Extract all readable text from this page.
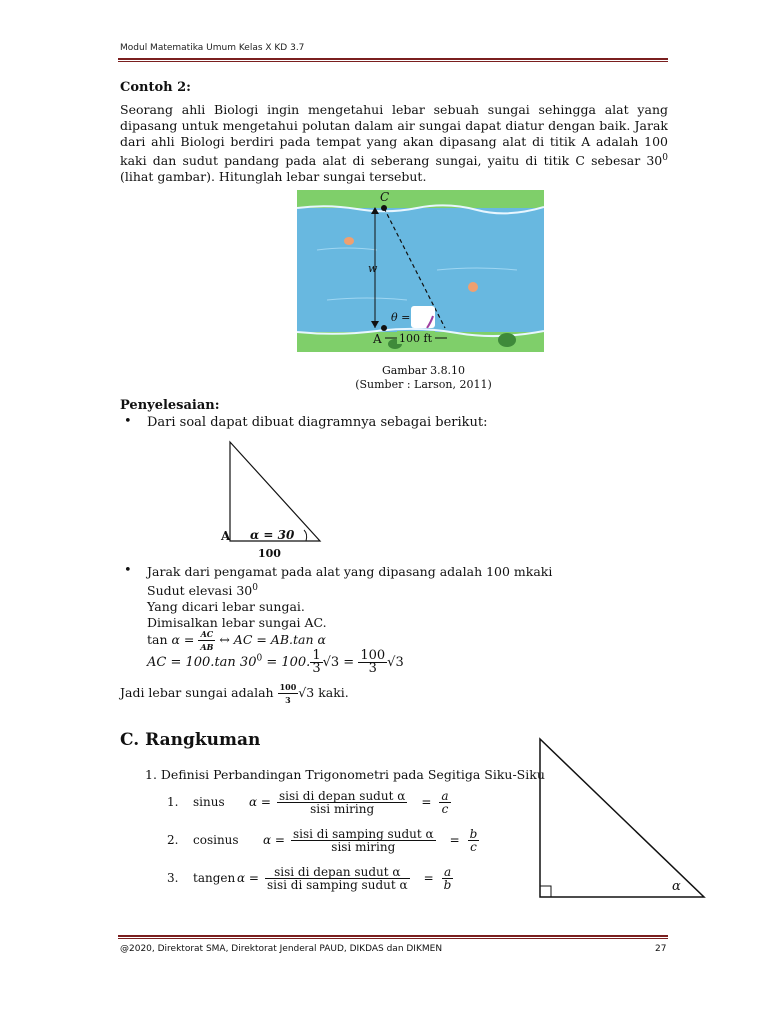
Modul Matematika Umum Kelas X KD 3.7
Contoh 2:
Seorang ahli Biologi ingin mengetahui lebar sebuah sungai sehingga alat yang dipasang untuk mengetahui polutan dalam air sungai dapat diatur dengan baik. Jarak dari ahli Biologi berdiri pada tempat yang akan dipasang alat di titik A adalah 100 kaki dan sudut pandang pada alat di seberang sungai, yaitu di titik C sebesar $30^0$ (lihat gambar). Hitunglah lebar sungai tersebut.
C
w
A
θ =
100 ft
Gambar 3.8.10
(Sumber : Larson, 2011)
Penyelesaian:
• Dari soal dapat dibuat diagramnya sebagai berikut:
A α = 30
100
• Jarak dari pengamat pada alat yang dipasang adalah 100 mkaki
Sudut elevasi $30^0$
Yang dicari lebar sungai.
Dimisalkan lebar sungai AC.
$\tan \alpha = \frac{AC}{AB}$ ↔ AC = AB.tan α
AC = 100.tan $30^0 = 100$. $\frac{1}{3} √3 = \frac{100}{3} √3$
Jadi lebar sungai adalah $\frac{100}{3} √3$ kaki.
C. Rangkuman
1. Definisi Perbandingan Trigonometri pada Segitiga Siku-Siku
1.	sinus	$\alpha = \frac{\text{sisi di depan sudut α}}{\text{sisi miring}} = \frac{a}{c}$
2.	cosinus	$\alpha = \frac{\text{sisi di samping sudut α}}{\text{sisi miring}} = \frac{b}{c}$
3.	tangen $\alpha = \frac{\text{sisi di depan sudut α}}{\text{sisi di samping sudut α}} = \frac{a}{b}$	α
@2020, Direktorat SMA, Direktorat Jenderal PAUD, DIKDAS dan DIKMEN	27
